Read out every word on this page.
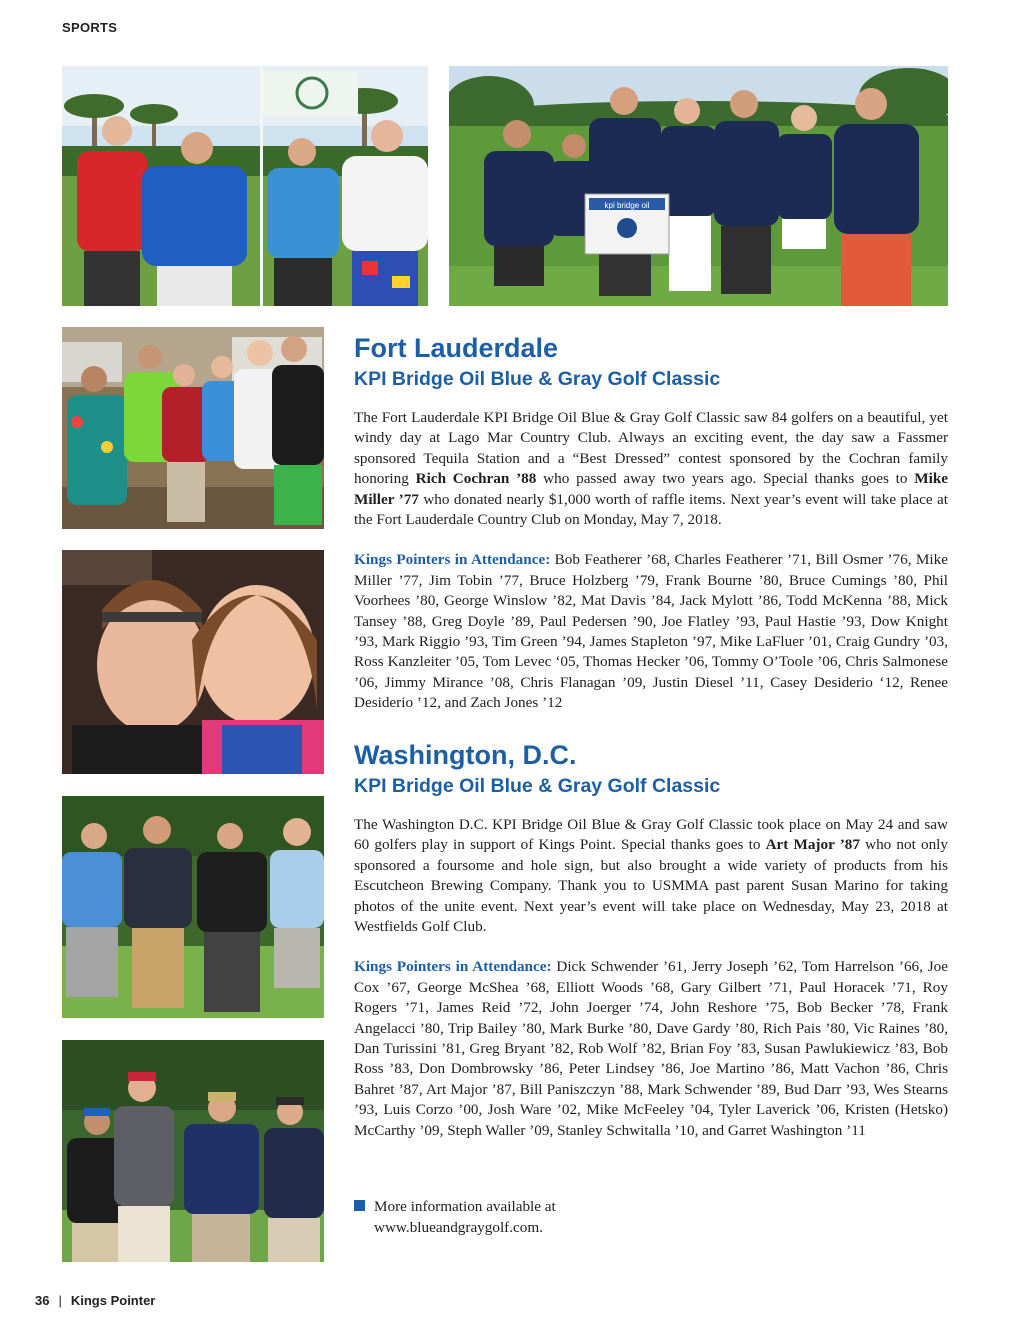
SPORTS
kpi bridge oil
Fort Lauderdale
KPI Bridge Oil Blue & Gray Golf Classic

The Fort Lauderdale KPI Bridge Oil Blue & Gray Golf Classic saw 84 golfers on a beautiful, yet windy day at Lago Mar Country Club. Always an exciting event, the day saw a Fassmer sponsored Tequila Station and a “Best Dressed” contest sponsored by the Cochran family honoring Rich Cochran ’88 who passed away two years ago. Special thanks goes to Mike Miller ’77 who donated nearly $1,000 worth of raffle items. Next year’s event will take place at the Fort Lauderdale Country Club on Monday, May 7, 2018.

Kings Pointers in Attendance: Bob Featherer ’68, Charles Featherer ’71, Bill Osmer ’76, Mike Miller ’77, Jim Tobin ’77, Bruce Holzberg ’79, Frank Bourne ’80, Bruce Cumings ’80, Phil Voorhees ’80, George Winslow ’82, Mat Davis ’84, Jack Mylott ’86, Todd McKenna ’88, Mick Tansey ’88, Greg Doyle ’89, Paul Pedersen ’90, Joe Flatley ’93, Paul Hastie ’93, Dow Knight ’93, Mark Riggio ’93, Tim Green ’94, James Stapleton ’97, Mike LaFluer ’01, Craig Gundry ’03, Ross Kanzleiter ’05, Tom Levec ‘05, Thomas Hecker ’06, Tommy O’Toole ’06, Chris Salmonese ’06, Jimmy Mirance ’08, Chris Flanagan ’09, Justin Diesel ’11, Casey Desiderio ‘12, Renee Desiderio ’12, and Zach Jones ’12

Washington, D.C.
KPI Bridge Oil Blue & Gray Golf Classic

The Washington D.C. KPI Bridge Oil Blue & Gray Golf Classic took place on May 24 and saw 60 golfers play in support of Kings Point. Special thanks goes to Art Major ’87 who not only sponsored a foursome and hole sign, but also brought a wide variety of products from his Escutcheon Brewing Company. Thank you to USMMA past parent Susan Marino for taking photos of the unite event. Next year’s event will take place on Wednesday, May 23, 2018 at Westfields Golf Club.

Kings Pointers in Attendance: Dick Schwender ’61, Jerry Joseph ’62, Tom Harrelson ’66, Joe Cox ’67, George McShea ’68, Elliott Woods ’68, Gary Gilbert ’71, Paul Horacek ’71, Roy Rogers ’71, James Reid ’72, John Joerger ’74, John Reshore ’75, Bob Becker ’78, Frank Angelacci ’80, Trip Bailey ’80, Mark Burke ’80, Dave Gardy ’80, Rich Pais ’80, Vic Raines ’80, Dan Turissini ’81, Greg Bryant ’82, Rob Wolf ’82, Brian Foy ’83, Susan Pawlukiewicz ’83, Bob Ross ’83, Don Dombrowsky ’86, Peter Lindsey ’86, Joe Martino ’86, Matt Vachon ’86, Chris Bahret ’87, Art Major ’87, Bill Paniszczyn ’88, Mark Schwender ’89, Bud Darr ’93, Wes Stearns ’93, Luis Corzo ’00, Josh Ware ’02, Mike McFeeley ’04, Tyler Laverick ’06, Kristen (Hetsko) McCarthy ’09, Steph Waller ’09, Stanley Schwitalla ’10, and Garret Washington ’11

More information available at
www.blueandgraygolf.com.
36 | Kings Pointer
